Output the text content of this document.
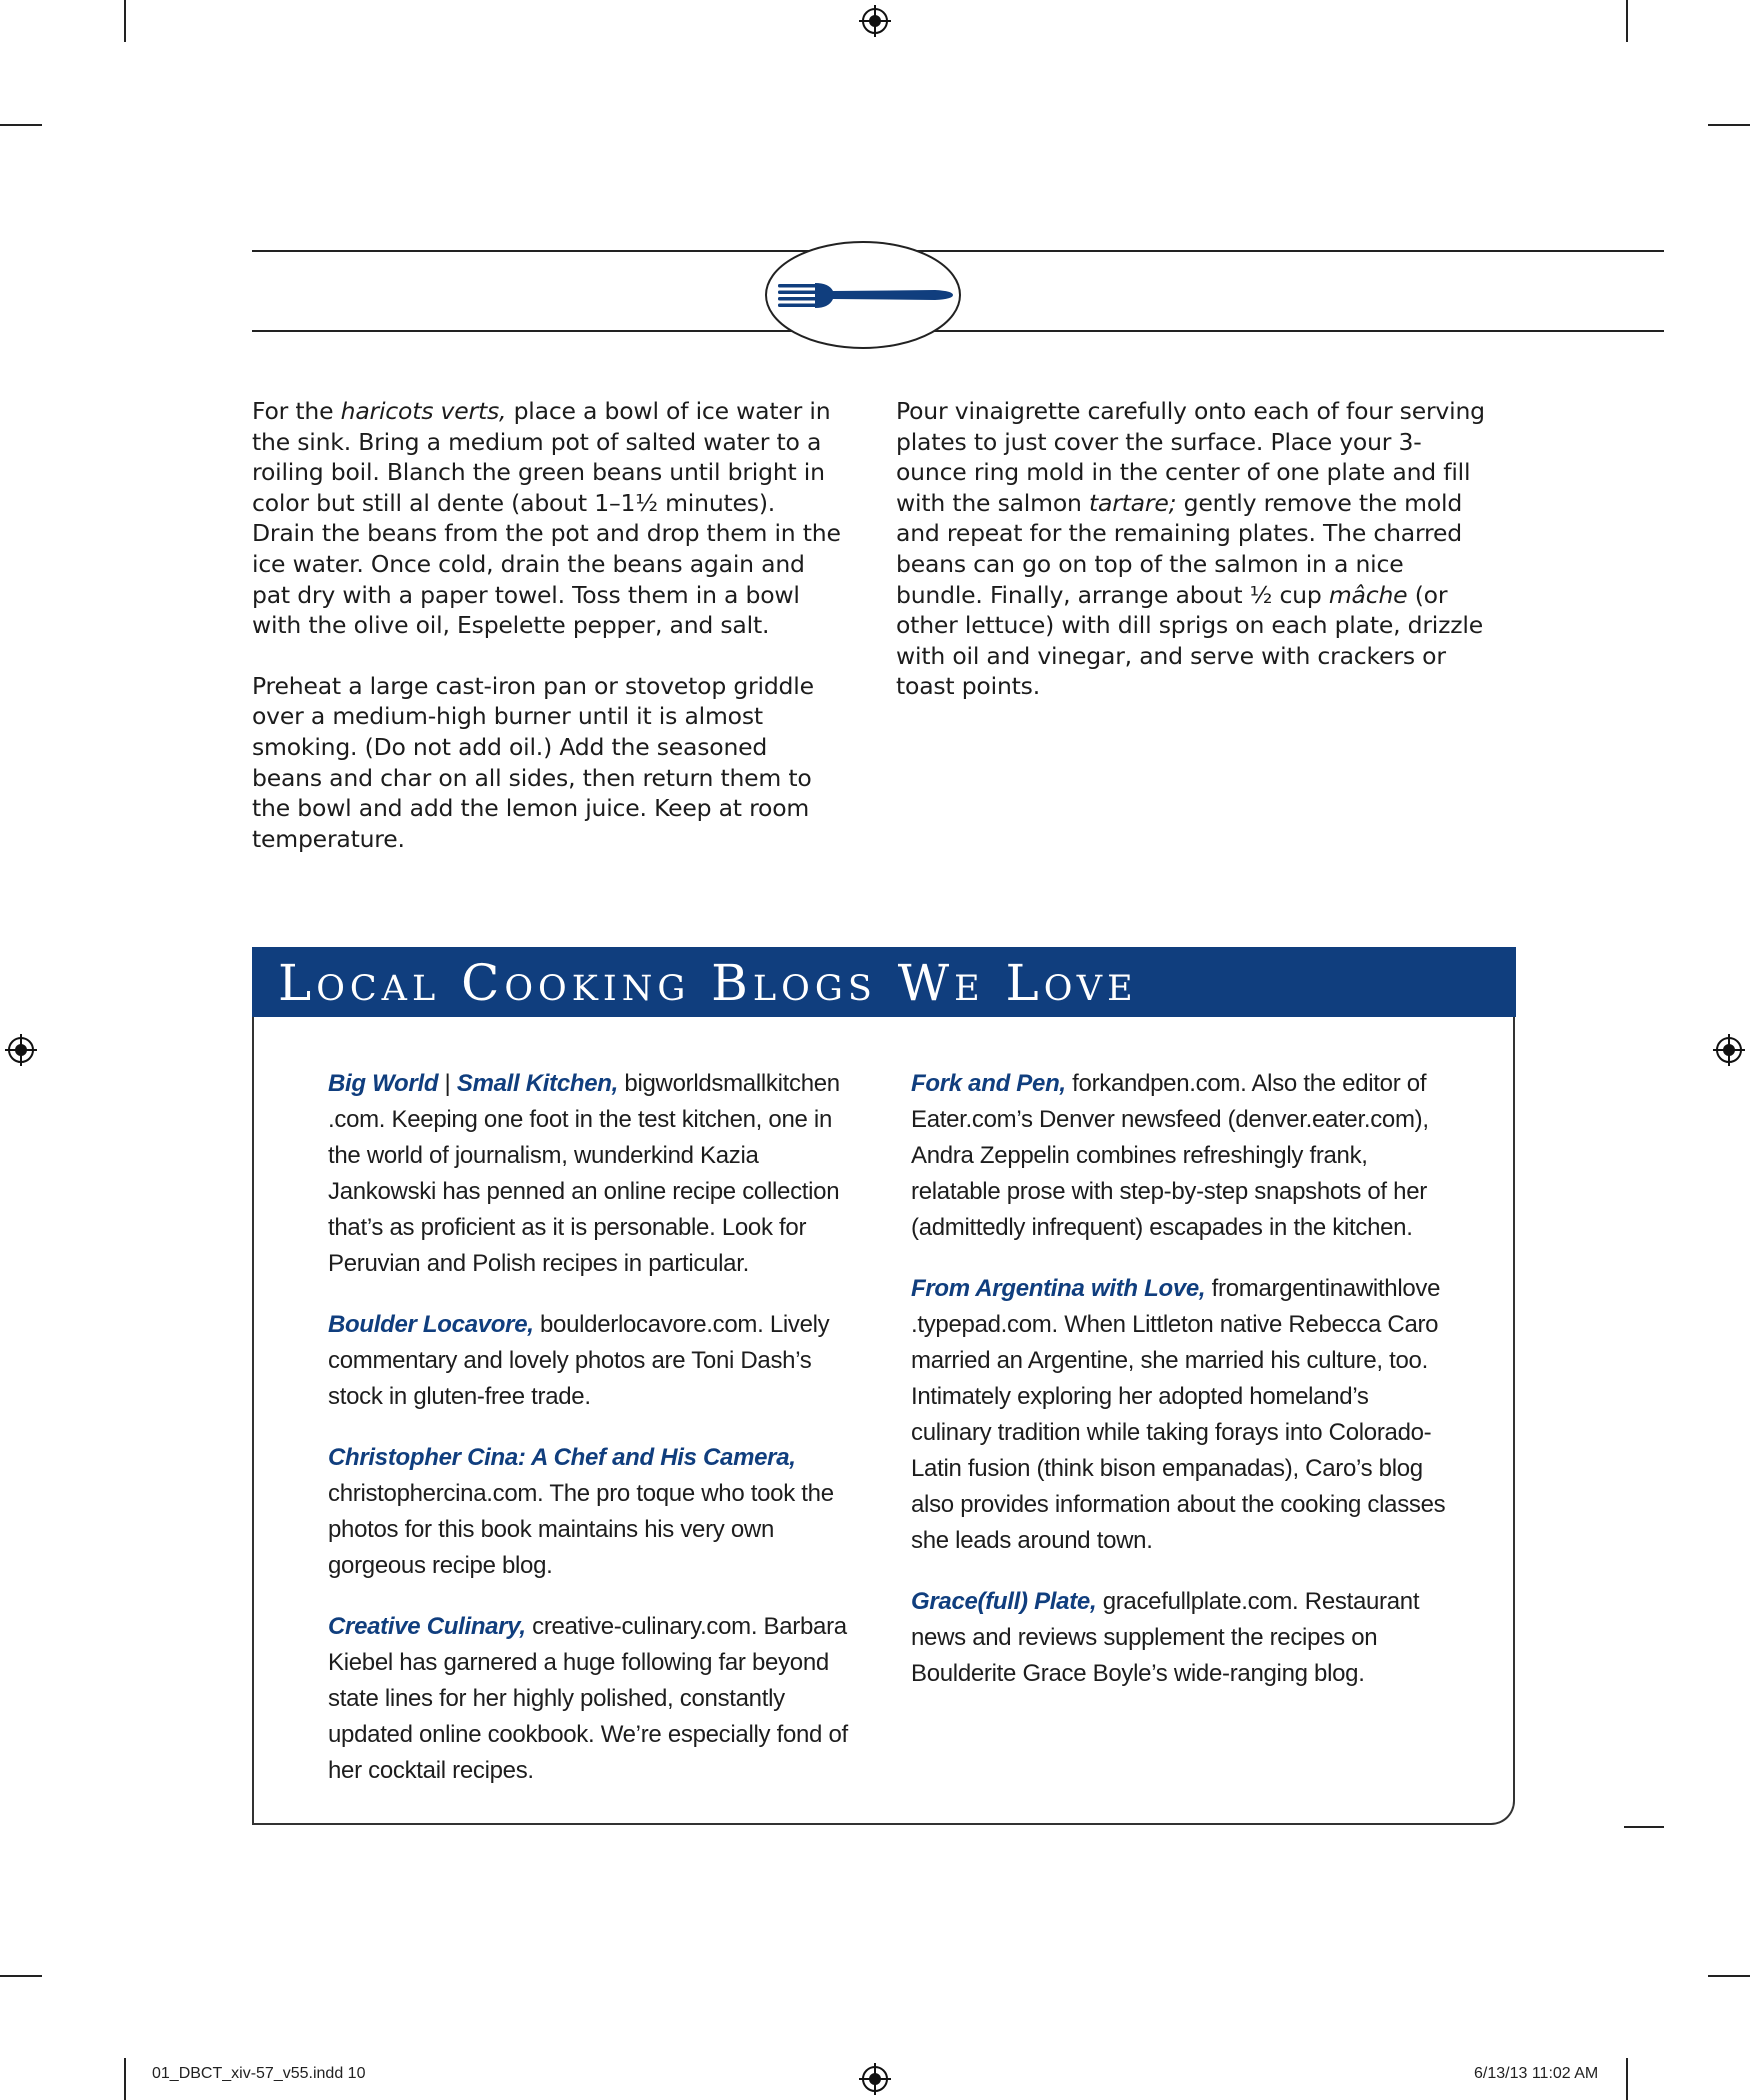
For the haricots verts, place a bowl of ice water in the sink. Bring a medium pot of salted water to a roiling boil. Blanch the green beans until bright in color but still al dente (about 1–1½ minutes). Drain the beans from the pot and drop them in the ice water. Once cold, drain the beans again and pat dry with a paper towel. Toss them in a bowl with the olive oil, Espelette pepper, and salt.

Preheat a large cast-iron pan or stovetop griddle over a medium-high burner until it is almost smoking. (Do not add oil.) Add the seasoned beans and char on all sides, then return them to the bowl and add the lemon juice. Keep at room temperature.

Pour vinaigrette carefully onto each of four serving plates to just cover the surface. Place your 3-ounce ring mold in the center of one plate and fill with the salmon tartare; gently remove the mold and repeat for the remaining plates. The charred beans can go on top of the salmon in a nice bundle. Finally, arrange about ½ cup mâche (or other lettuce) with dill sprigs on each plate, drizzle with oil and vinegar, and serve with crackers or toast points.

Local Cooking Blogs We Love
Big World | Small Kitchen, bigworldsmallkitchen .com. Keeping one foot in the test kitchen, one in the world of journalism, wunderkind Kazia Jankowski has penned an online recipe collection that’s as proficient as it is personable. Look for Peruvian and Polish recipes in particular.
Boulder Locavore, boulderlocavore.com. Lively commentary and lovely photos are Toni Dash’s stock in gluten-free trade.
Christopher Cina: A Chef and His Camera, christophercina.com. The pro toque who took the photos for this book maintains his very own gorgeous recipe blog.
Creative Culinary, creative-culinary.com. Barbara Kiebel has garnered a huge following far beyond state lines for her highly polished, constantly updated online cookbook. We’re especially fond of her cocktail recipes.
Fork and Pen, forkandpen.com. Also the editor of Eater.com’s Denver newsfeed (denver.eater.com), Andra Zeppelin combines refreshingly frank, relatable prose with step-by-step snapshots of her (admittedly infrequent) escapades in the kitchen.
From Argentina with Love, fromargentinawithlove .typepad.com. When Littleton native Rebecca Caro married an Argentine, she married his culture, too. Intimately exploring her adopted homeland’s culinary tradition while taking forays into Colorado-Latin fusion (think bison empanadas), Caro’s blog also provides information about the cooking classes she leads around town.
Grace(full) Plate, gracefullplate.com. Restaurant news and reviews supplement the recipes on Boulderite Grace Boyle’s wide-ranging blog.
01_DBCT_xiv-57_v55.indd 10	6/13/13 11:02 AM
